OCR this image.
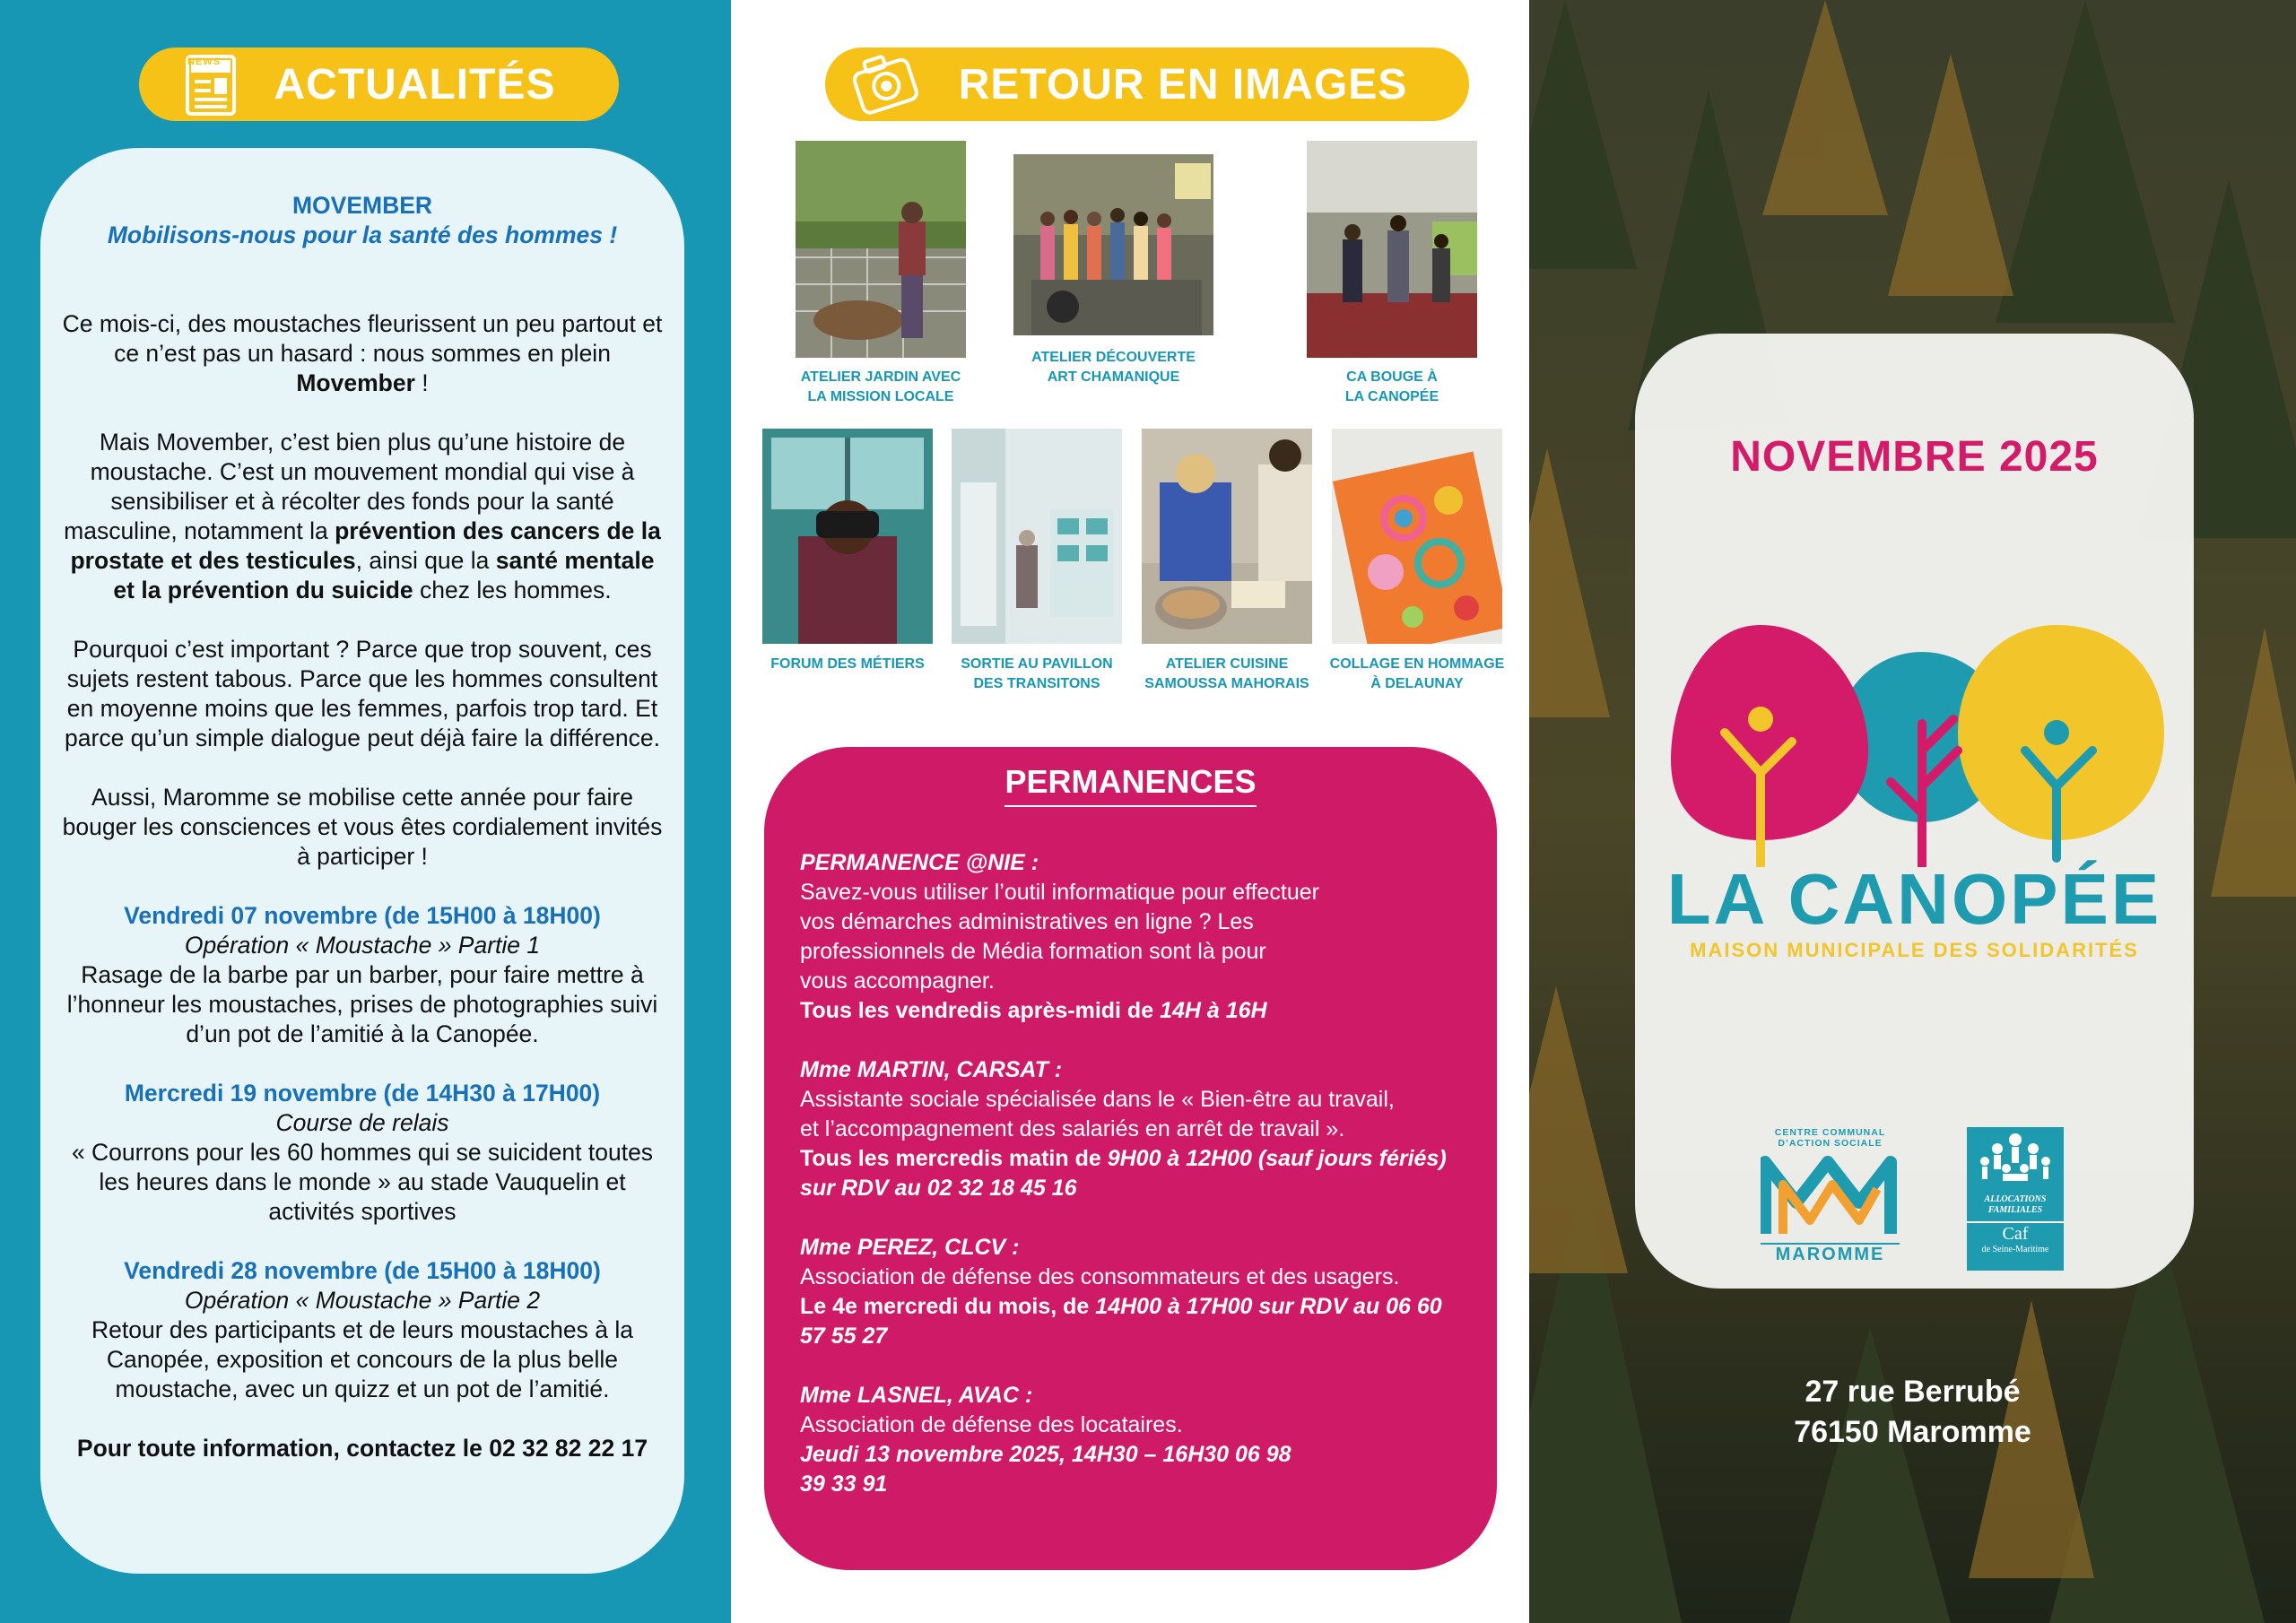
NEWS ACTUALITÉS

MOVEMBER

Mobilisons-nous pour la santé des hommes !

Ce mois-ci, des moustaches fleurissent un peu partout et ce n’est pas un hasard : nous sommes en plein Movember !

Mais Movember, c’est bien plus qu’une histoire de moustache. C’est un mouvement mondial qui vise à sensibiliser et à récolter des fonds pour la santé masculine, notamment la prévention des cancers de la prostate et des testicules, ainsi que la santé mentale et la prévention du suicide chez les hommes.

Pourquoi c’est important ? Parce que trop souvent, ces sujets restent tabous. Parce que les hommes consultent en moyenne moins que les femmes, parfois trop tard. Et parce qu’un simple dialogue peut déjà faire la différence.

Aussi, Maromme se mobilise cette année pour faire bouger les consciences et vous êtes cordialement invités à participer !

Vendredi 07 novembre (de 15H00 à 18H00)

Opération « Moustache » Partie 1

Rasage de la barbe par un barber, pour faire mettre à l’honneur les moustaches, prises de photographies suivi d’un pot de l’amitié à la Canopée.

Mercredi 19 novembre (de 14H30 à 17H00)

Course de relais

« Courrons pour les 60 hommes qui se suicident toutes les heures dans le monde » au stade Vauquelin et activités sportives

Vendredi 28 novembre (de 15H00 à 18H00)

Opération « Moustache » Partie 2

Retour des participants et de leurs moustaches à la Canopée, exposition et concours de la plus belle moustache, avec un quizz et un pot de l’amitié.

Pour toute information, contactez le 02 32 82 22 17

RETOUR EN IMAGES
ATELIER JARDIN AVEC
LA MISSION LOCALE
ATELIER DÉCOUVERTE
ART CHAMANIQUE	CA BOUGE À
LA CANOPÉE
FORUM DES MÉTIERS	SORTIE AU PAVILLON
DES TRANSITONS
ATELIER CUISINE
SAMOUSSA MAHORAIS
COLLAGE EN HOMMAGE
À DELAUNAY
PERMANENCES

PERMANENCE @NIE :

Savez-vous utiliser l’outil informatique pour effectuer

vos démarches administratives en ligne ? Les

professionnels de Média formation sont là pour

vous accompagner.

Tous les vendredis après-midi de 14H à 16H

Mme MARTIN, CARSAT :

Assistante sociale spécialisée dans le « Bien-être au travail,

et l’accompagnement des salariés en arrêt de travail ».

Tous les mercredis matin de 9H00 à 12H00 (sauf jours fériés) sur RDV au 02 32 18 45 16

Mme PEREZ, CLCV :

Association de défense des consommateurs et des usagers.

Le 4e mercredi du mois, de 14H00 à 17H00 sur RDV au 06 60 57 55 27

Mme LASNEL, AVAC :

Association de défense des locataires.

Jeudi 13 novembre 2025, 14H30 – 16H30 06 98 39 33 91

NOVEMBRE 2025
LA CANOPÉE
MAISON MUNICIPALE DES SOLIDARITÉS
CENTRE COMMUNAL
D’ACTION SOCIALE
MAROMME
ALLOCATIONS
FAMILIALES
Caf
de Seine-Maritime
27 rue Berrubé
76150 Maromme
